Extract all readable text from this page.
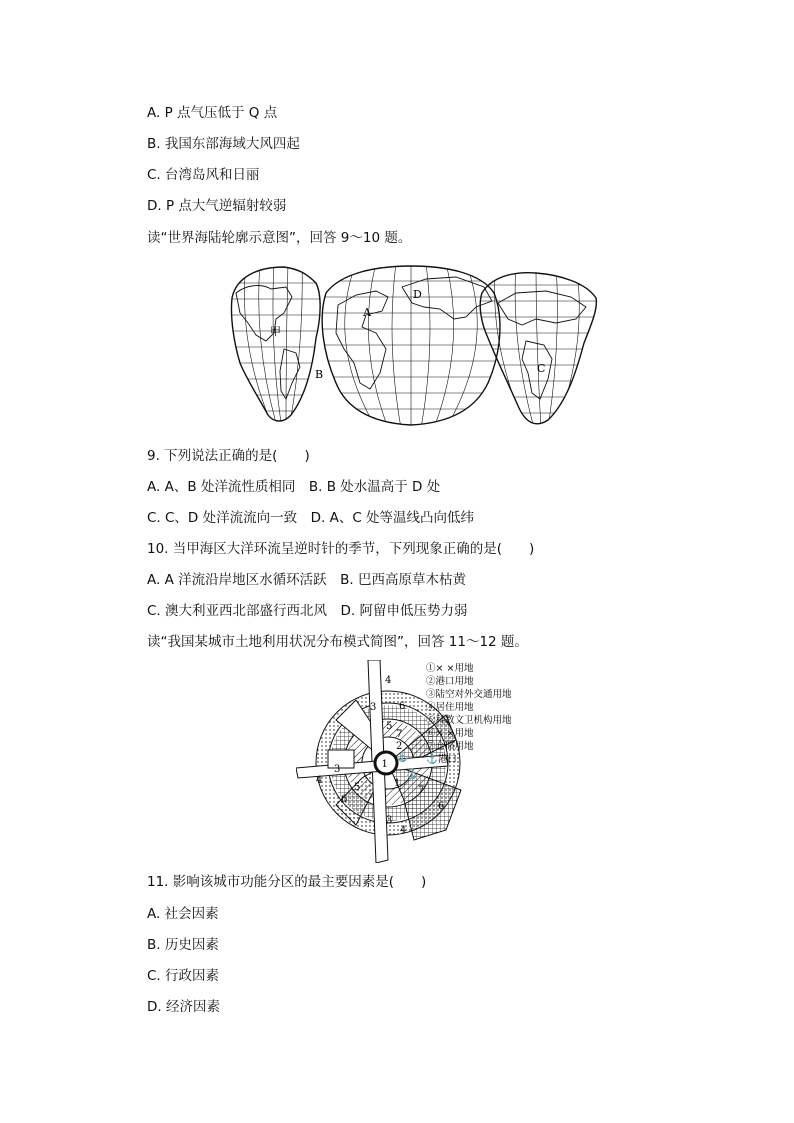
A. P 点气压低于 Q 点
B. 我国东部海域大风四起
C. 台湾岛风和日丽
D. P 点大气逆辐射较弱
读“世界海陆轮廓示意图”，回答 9～10 题。
甲
A
B	C
D
9. 下列说法正确的是(　　)
A. A、B 处洋流性质相同　B. B 处水温高于 D 处
C. C、D 处洋流流向一致　D. A、C 处等温线凸向低纬
10. 当甲海区大洋环流呈逆时针的季节，下列现象正确的是(　　)
A. A 洋流沿岸地区水循环活跃　B. 巴西高原草木枯黄
C. 澳大利亚西北部盛行西北风　D. 阿留申低压势力弱
读“我国某城市土地利用状况分布模式简图”，回答 11～12 题。
1
4
6
3
5
7
2
⚓
4
3
5
6
1
7
6
3
4
⚓
①× ×用地
②港口用地
③陆空对外交通用地
④居住用地
⑤科教文卫机构用地
⑥× ×用地
⑦仓储用地
⚓港口
11. 影响该城市功能分区的最主要因素是(　　)
A. 社会因素
B. 历史因素
C. 行政因素
D. 经济因素
